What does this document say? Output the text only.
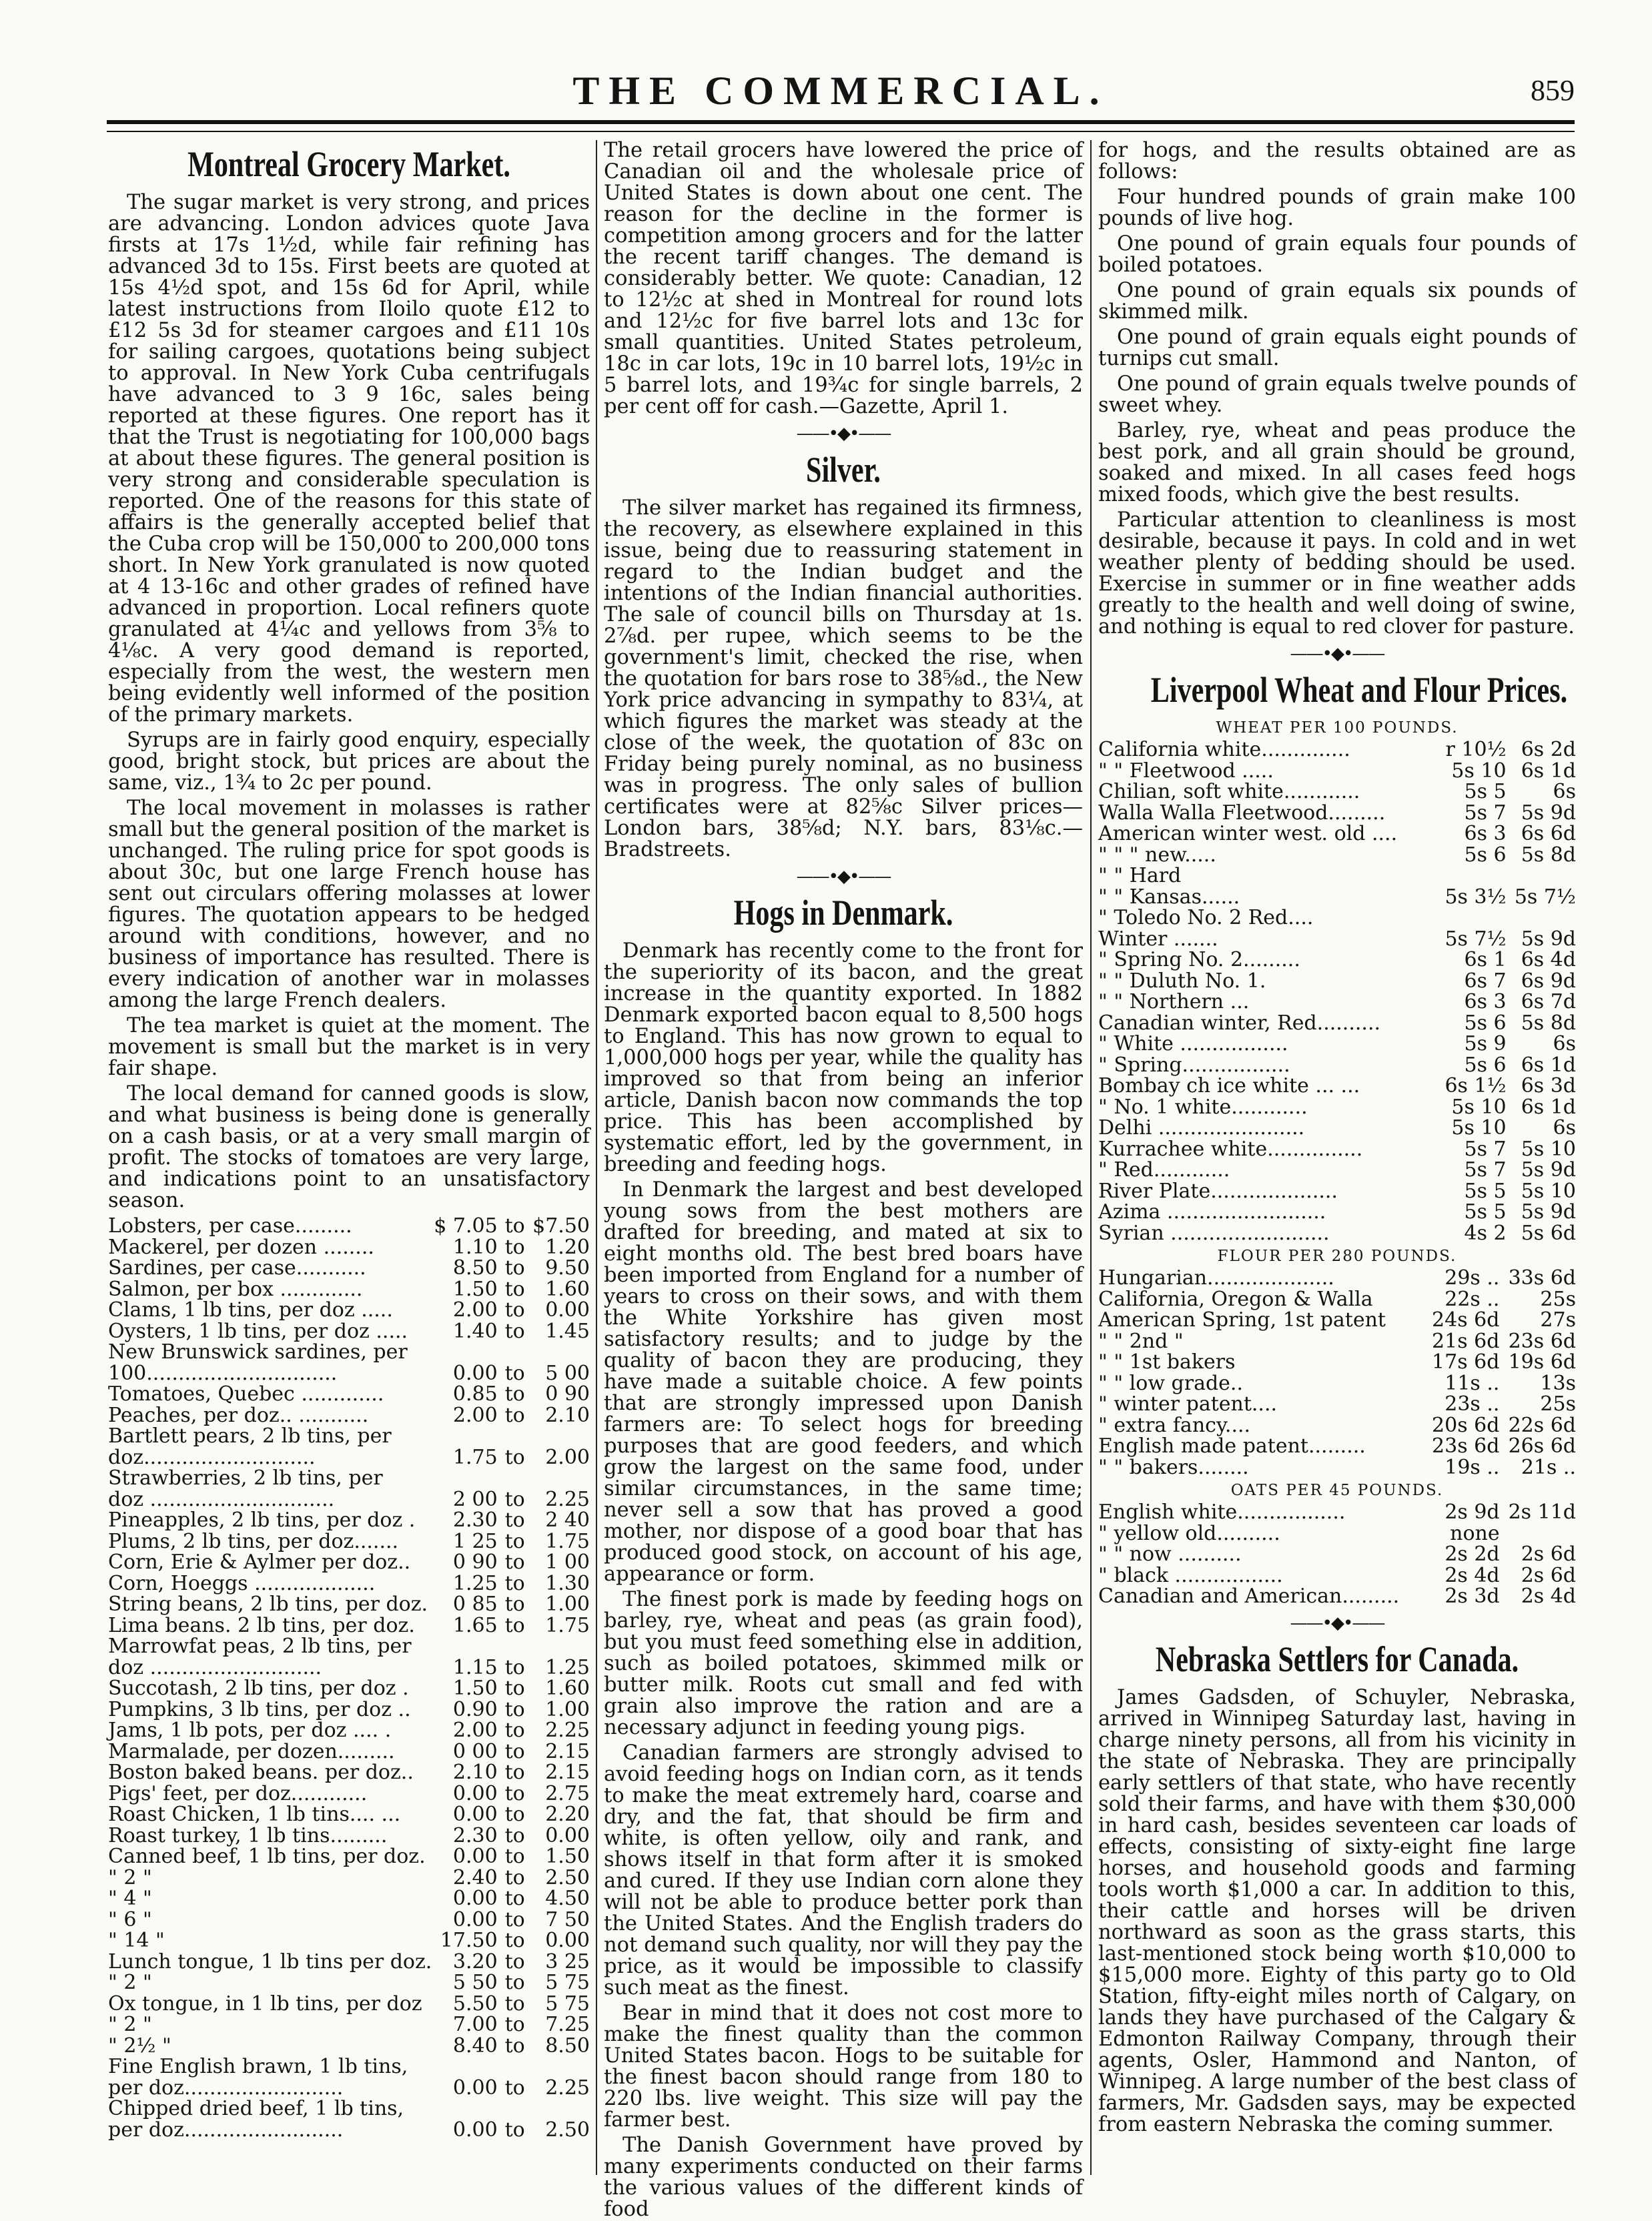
THE COMMERCIAL.	859
Montreal Grocery Market.

The sugar market is very strong, and prices are advancing. London advices quote Java firsts at 17s 1½d, while fair refining has advanced 3d to 15s. First beets are quoted at 15s 4½d spot, and 15s 6d for April, while latest instructions from Iloilo quote £12 to £12 5s 3d for steamer cargoes and £11 10s for sailing cargoes, quotations being subject to approval. In New York Cuba centrifugals have advanced to 3 9 16c, sales being reported at these figures. One report has it that the Trust is negotiating for 100,000 bags at about these figures. The general position is very strong and considerable speculation is reported. One of the reasons for this state of affairs is the generally accepted belief that the Cuba crop will be 150,000 to 200,000 tons short. In New York granulated is now quoted at 4 13-16c and other grades of refined have advanced in proportion. Local refiners quote granulated at 4¼c and yellows from 3⅝ to 4⅛c. A very good demand is reported, especially from the west, the western men being evidently well informed of the position of the primary markets.

Syrups are in fairly good enquiry, especially good, bright stock, but prices are about the same, viz., 1¾ to 2c per pound.

The local movement in molasses is rather small but the general position of the market is unchanged. The ruling price for spot goods is about 30c, but one large French house has sent out circulars offering molasses at lower figures. The quotation appears to be hedged around with conditions, however, and no business of importance has resulted. There is every indication of another war in molasses among the large French dealers.

The tea market is quiet at the moment. The movement is small but the market is in very fair shape.

The local demand for canned goods is slow, and what business is being done is generally on a cash basis, or at a very small margin of profit. The stocks of tomatoes are very large, and indications point to an unsatisfactory season.

Lobsters, per case.........	$ 7.05	to	$7.50
Mackerel, per dozen ........	1.10	to	1.20
Sardines, per case...........	8.50	to	9.50
Salmon, per box .............	1.50	to	1.60
Clams, 1 lb tins, per doz .....	2.00	to	0.00
Oysters, 1 lb tins, per doz .....	1.40	to	1.45
New Brunswick sardines, per			
100..............................	0.00	to	5 00
Tomatoes, Quebec .............	0.85	to	0 90
Peaches, per doz.. ...........	2.00	to	2.10
Bartlett pears, 2 lb tins, per			
doz...........................	1.75	to	2.00
Strawberries, 2 lb tins, per			
doz .............................	2 00	to	2.25
Pineapples, 2 lb tins, per doz .	2.30	to	2 40
Plums, 2 lb tins, per doz.......	1 25	to	1.75
Corn, Erie & Aylmer per doz..	0 90	to	1 00
Corn, Hoeggs ...................	1.25	to	1.30
String beans, 2 lb tins, per doz.	0 85	to	1.00
Lima beans. 2 lb tins, per doz.	1.65	to	1.75
Marrowfat peas, 2 lb tins, per			
doz ...........................	1.15	to	1.25
Succotash, 2 lb tins, per doz .	1.50	to	1.60
Pumpkins, 3 lb tins, per doz ..	0.90	to	1.00
Jams, 1 lb pots, per doz .... .	2.00	to	2.25
Marmalade, per dozen.........	0 00	to	2.15
Boston baked beans. per doz..	2.10	to	2.15
Pigs' feet, per doz............	0.00	to	2.75
Roast Chicken, 1 lb tins.... ...	0.00	to	2.20
Roast turkey, 1 lb tins.........	2.30	to	0.00
Canned beef, 1 lb tins, per doz.	0.00	to	1.50
" 2 "	2.40	to	2.50
" 4 "	0.00	to	4.50
" 6 "	0.00	to	7 50
" 14 "	17.50	to	0.00
Lunch tongue, 1 lb tins per doz.	3.20	to	3 25
" 2 "	5 50	to	5 75
Ox tongue, in 1 lb tins, per doz	5.50	to	5 75
" 2 "	7.00	to	7.25
" 2½ "	8.40	to	8.50
Fine English brawn, 1 lb tins,			
per doz.........................	0.00	to	2.25
Chipped dried beef, 1 lb tins,			
per doz.........................	0.00	to	2.50

The retail grocers have lowered the price of Canadian oil and the wholesale price of United States is down about one cent. The reason for the decline in the former is competition among grocers and for the latter the recent tariff changes. The demand is considerably better. We quote: Canadian, 12 to 12½c at shed in Montreal for round lots and 12½c for five barrel lots and 13c for small quantities. United States petroleum, 18c in car lots, 19c in 10 barrel lots, 19½c in 5 barrel lots, and 19¾c for single barrels, 2 per cent off for cash.—Gazette, April 1.

——•◆•——
Silver.

The silver market has regained its firmness, the recovery, as elsewhere explained in this issue, being due to reassuring statement in regard to the Indian budget and the intentions of the Indian financial authorities. The sale of council bills on Thursday at 1s. 2⅞d. per rupee, which seems to be the government's limit, checked the rise, when the quotation for bars rose to 38⅝d., the New York price advancing in sympathy to 83¼, at which figures the market was steady at the close of the week, the quotation of 83c on Friday being purely nominal, as no business was in progress. The only sales of bullion certificates were at 82⅝c Silver prices—London bars, 38⅝d; N.Y. bars, 83⅛c.—Bradstreets.

——•◆•——
Hogs in Denmark.

Denmark has recently come to the front for the superiority of its bacon, and the great increase in the quantity exported. In 1882 Denmark exported bacon equal to 8,500 hogs to England. This has now grown to equal to 1,000,000 hogs per year, while the quality has improved so that from being an inferior article, Danish bacon now commands the top price. This has been accomplished by systematic effort, led by the government, in breeding and feeding hogs.

In Denmark the largest and best developed young sows from the best mothers are drafted for breeding, and mated at six to eight months old. The best bred boars have been imported from England for a number of years to cross on their sows, and with them the White Yorkshire has given most satisfactory results; and to judge by the quality of bacon they are producing, they have made a suitable choice. A few points that are strongly impressed upon Danish farmers are: To select hogs for breeding purposes that are good feeders, and which grow the largest on the same food, under similar circumstances, in the same time; never sell a sow that has proved a good mother, nor dispose of a good boar that has produced good stock, on account of his age, appearance or form.

The finest pork is made by feeding hogs on barley, rye, wheat and peas (as grain food), but you must feed something else in addition, such as boiled potatoes, skimmed milk or butter milk. Roots cut small and fed with grain also improve the ration and are a necessary adjunct in feeding young pigs.

Canadian farmers are strongly advised to avoid feeding hogs on Indian corn, as it tends to make the meat extremely hard, coarse and dry, and the fat, that should be firm and white, is often yellow, oily and rank, and shows itself in that form after it is smoked and cured. If they use Indian corn alone they will not be able to produce better pork than the United States. And the English traders do not demand such quality, nor will they pay the price, as it would be impossible to classify such meat as the finest.

Bear in mind that it does not cost more to make the finest quality than the common United States bacon. Hogs to be suitable for the finest bacon should range from 180 to 220 lbs. live weight. This size will pay the farmer best.

The Danish Government have proved by many experiments conducted on their farms the various values of the different kinds of food

for hogs, and the results obtained are as follows:

Four hundred pounds of grain make 100 pounds of live hog.

One pound of grain equals four pounds of boiled potatoes.

One pound of grain equals six pounds of skimmed milk.

One pound of grain equals eight pounds of turnips cut small.

One pound of grain equals twelve pounds of sweet whey.

Barley, rye, wheat and peas produce the best pork, and all grain should be ground, soaked and mixed. In all cases feed hogs mixed foods, which give the best results.

Particular attention to cleanliness is most desirable, because it pays. In cold and in wet weather plenty of bedding should be used. Exercise in summer or in fine weather adds greatly to the health and well doing of swine, and nothing is equal to red clover for pasture.

——•◆•——
Liverpool Wheat and Flour Prices.
WHEAT PER 100 POUNDS.
California white..............	r 10½	6s 2d
" " Fleetwood .....	5s 10	6s 1d
Chilian, soft white............	5s 5	6s
Walla Walla Fleetwood.........	5s 7	5s 9d
American winter west. old ....	6s 3	6s 6d
" " " new.....	5s 6	5s 8d
" " Hard		
" " Kansas......	5s 3½	5s 7½
" Toledo No. 2 Red....		
Winter .......	5s 7½	5s 9d
" Spring No. 2.........	6s 1	6s 4d
" " Duluth No. 1.	6s 7	6s 9d
" " Northern ...	6s 3	6s 7d
Canadian winter, Red..........	5s 6	5s 8d
" White .................	5s 9	6s
" Spring.................	5s 6	6s 1d
Bombay ch ice white ... ...	6s 1½	6s 3d
" No. 1 white............	5s 10	6s 1d
Delhi .......................	5s 10	6s
Kurrachee white...............	5s 7	5s 10
" Red............	5s 7	5s 9d
River Plate....................	5s 5	5s 10
Azima .........................	5s 5	5s 9d
Syrian .........................	4s 2	5s 6d
FLOUR PER 280 POUNDS.
Hungarian....................	29s ..	33s 6d
California, Oregon & Walla	22s ..	25s
American Spring, 1st patent	24s 6d	27s
" " 2nd "	21s 6d	23s 6d
" " 1st bakers	17s 6d	19s 6d
" " low grade..	11s ..	13s
" winter patent....	23s ..	25s
" extra fancy....	20s 6d	22s 6d
English made patent.........	23s 6d	26s 6d
" " bakers........	19s ..	21s ..
OATS PER 45 POUNDS.
English white.................	2s 9d	2s 11d
" yellow old..........	none	
" " now ..........	2s 2d	2s 6d
" black .................	2s 4d	2s 6d
Canadian and American.........	2s 3d	2s 4d
——•◆•——
Nebraska Settlers for Canada.

James Gadsden, of Schuyler, Nebraska, arrived in Winnipeg Saturday last, having in charge ninety persons, all from his vicinity in the state of Nebraska. They are principally early settlers of that state, who have recently sold their farms, and have with them $30,000 in hard cash, besides seventeen car loads of effects, consisting of sixty-eight fine large horses, and household goods and farming tools worth $1,000 a car. In addition to this, their cattle and horses will be driven northward as soon as the grass starts, this last-mentioned stock being worth $10,000 to $15,000 more. Eighty of this party go to Old Station, fifty-eight miles north of Calgary, on lands they have purchased of the Calgary & Edmonton Railway Company, through their agents, Osler, Hammond and Nanton, of Winnipeg. A large number of the best class of farmers, Mr. Gadsden says, may be expected from eastern Nebraska the coming summer.
